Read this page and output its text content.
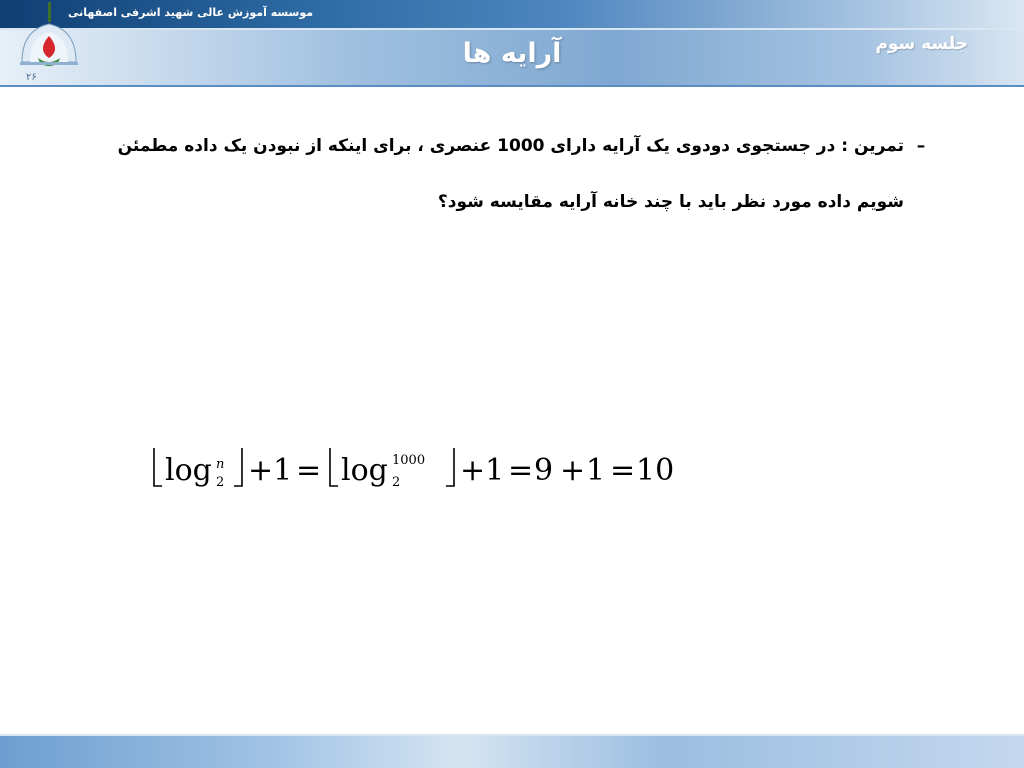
موسسه آموزش عالی شهید اشرفی اصفهانی
۲۶
آرایه ها	جلسه سوم
–
تمرین : در جستجوی دودوی یک آرایه دارای 1000 عنصری ، برای اینکه از نبودن یک داده مطمئن شویم داده مورد نظر باید با چند خانه آرایه مقایسه شود؟
log n
2 +1 = log 1000
2 +1 = 9 + 1 = 10
